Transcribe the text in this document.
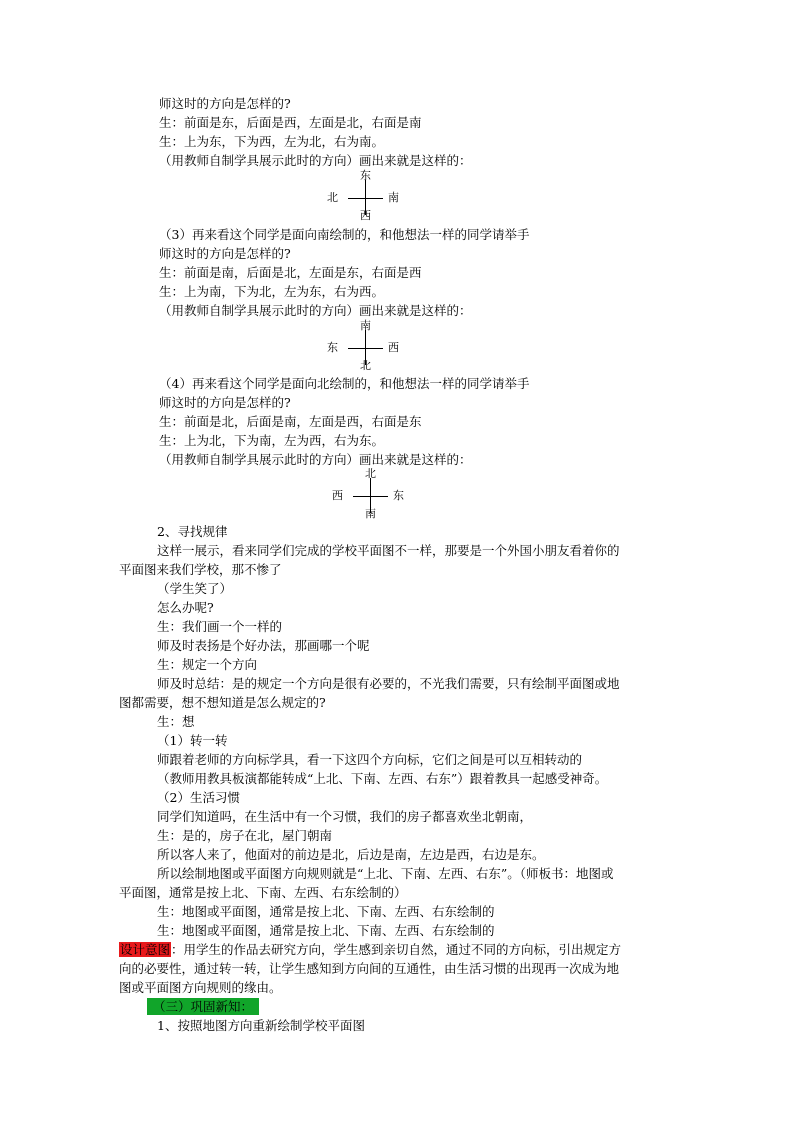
师这时的方向是怎样的?
生：前面是东，后面是西，左面是北，右面是南
生：上为东，下为西，左为北，右为南。
（用教师自制学具展示此时的方向）画出来就是这样的：
东
西
北	南
（3）再来看这个同学是面向南绘制的，和他想法一样的同学请举手
师这时的方向是怎样的?
生：前面是南，后面是北，左面是东，右面是西
生：上为南，下为北，左为东，右为西。
（用教师自制学具展示此时的方向）画出来就是这样的：
南
北
东	西
（4）再来看这个同学是面向北绘制的，和他想法一样的同学请举手
师这时的方向是怎样的?
生：前面是北，后面是南，左面是西，右面是东
生：上为北，下为南，左为西，右为东。
（用教师自制学具展示此时的方向）画出来就是这样的：
北
南
西	东
2、寻找规律
这样一展示，看来同学们完成的学校平面图不一样，那要是一个外国小朋友看着你的
平面图来我们学校，那不惨了
（学生笑了）
怎么办呢?
生：我们画一个一样的
师及时表扬是个好办法，那画哪一个呢
生：规定一个方向
师及时总结：是的规定一个方向是很有必要的，不光我们需要，只有绘制平面图或地
图都需要，想不想知道是怎么规定的?
生：想
（1）转一转
师跟着老师的方向标学具，看一下这四个方向标，它们之间是可以互相转动的
（教师用教具板演都能转成“上北、下南、左西、右东”）跟着教具一起感受神奇。
（2）生活习惯
同学们知道吗，在生活中有一个习惯，我们的房子都喜欢坐北朝南，
生：是的，房子在北，屋门朝南
所以客人来了，他面对的前边是北，后边是南，左边是西，右边是东。
所以绘制地图或平面图方向规则就是“上北、下南、左西、右东”。（师板书：地图或
平面图，通常是按上北、下南、左西、右东绘制的）
生：地图或平面图，通常是按上北、下南、左西、右东绘制的
生：地图或平面图，通常是按上北、下南、左西、右东绘制的
设计意图：用学生的作品去研究方向，学生感到亲切自然，通过不同的方向标，引出规定方
向的必要性，通过转一转，让学生感知到方向间的互通性，由生活习惯的出现再一次成为地
图或平面图方向规则的缘由。
（三）巩固新知：
1、按照地图方向重新绘制学校平面图
